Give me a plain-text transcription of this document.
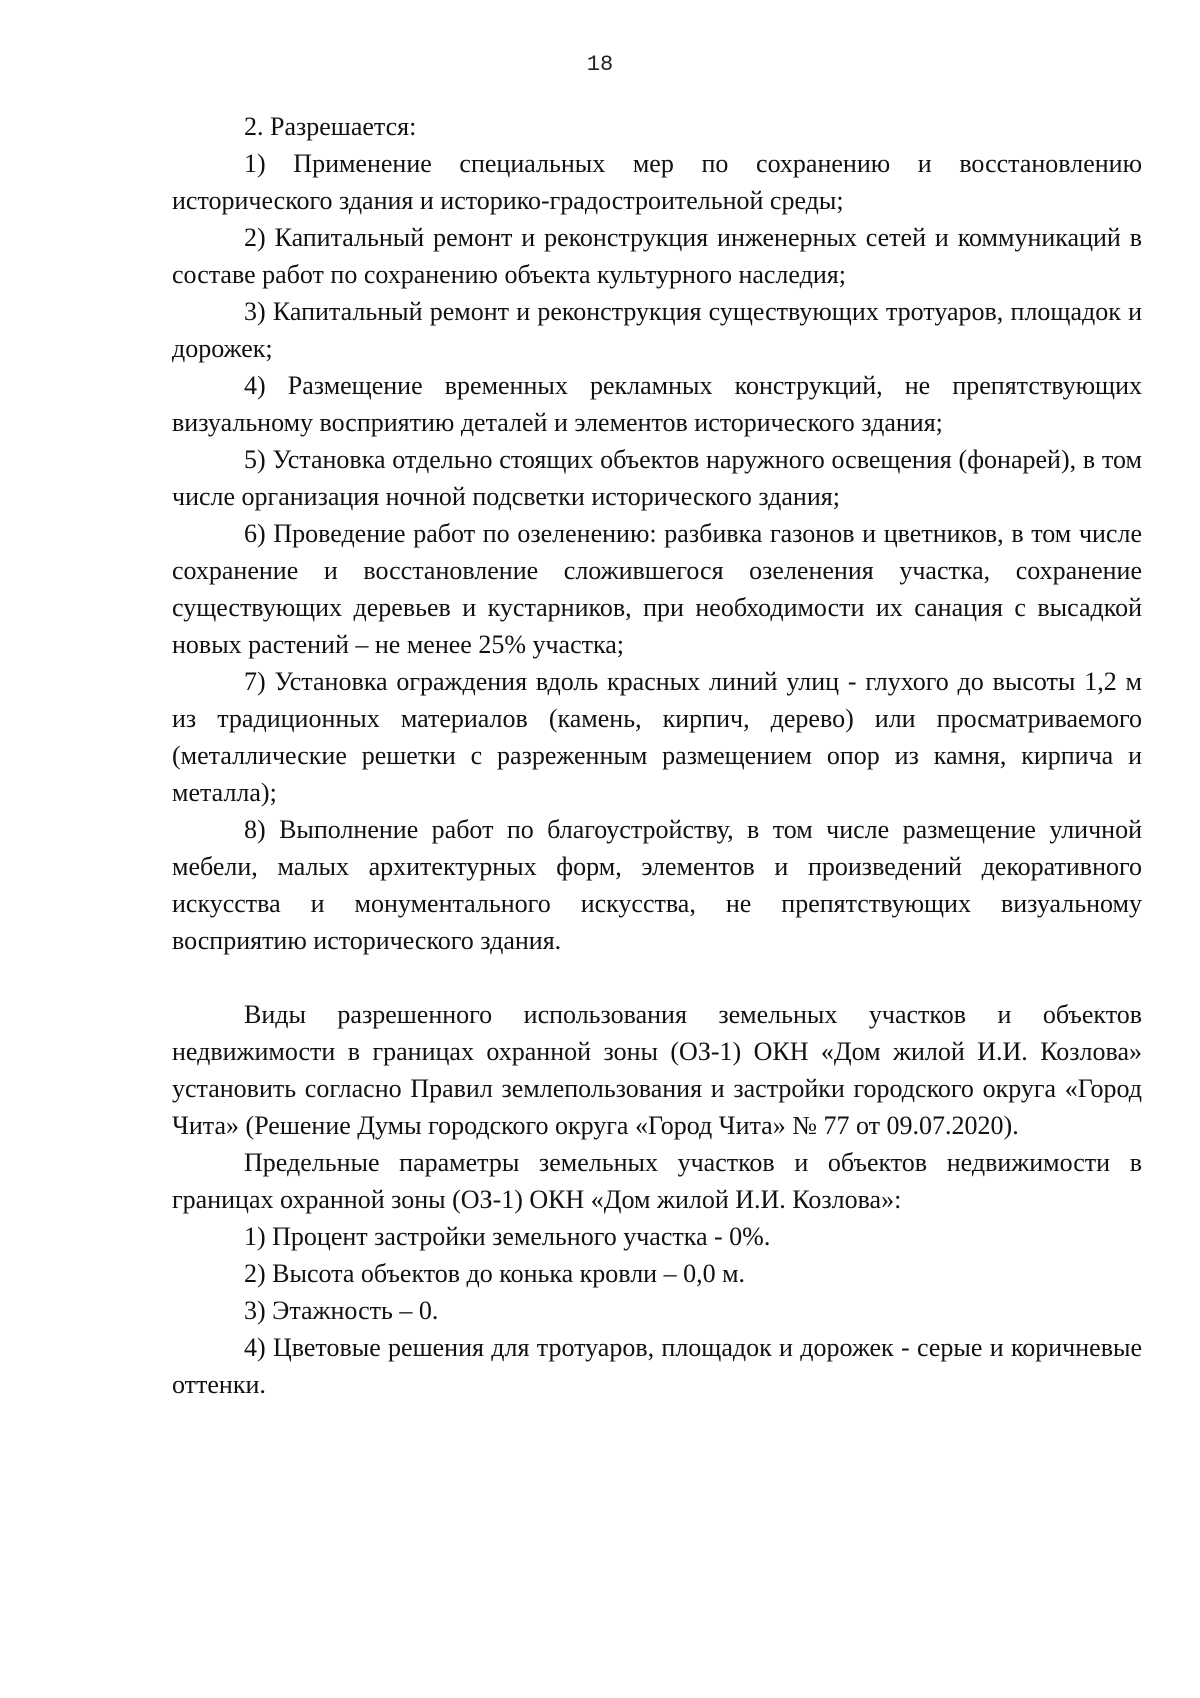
18

2. Разрешается:

1) Применение специальных мер по сохранению и восстановлению исторического здания и историко-градостроительной среды;

2) Капитальный ремонт и реконструкция инженерных сетей и коммуникаций в составе работ по сохранению объекта культурного наследия;

3) Капитальный ремонт и реконструкция существующих тротуаров, площадок и дорожек;

4) Размещение временных рекламных конструкций, не препятствующих визуальному восприятию деталей и элементов исторического здания;

5) Установка отдельно стоящих объектов наружного освещения (фонарей), в том числе организация ночной подсветки исторического здания;

6) Проведение работ по озеленению: разбивка газонов и цветников, в том числе сохранение и восстановление сложившегося озеленения участка, сохранение существующих деревьев и кустарников, при необходимости их санация с высадкой новых растений – не менее 25% участка;

7) Установка ограждения вдоль красных линий улиц - глухого до высоты 1,2 м из традиционных материалов (камень, кирпич, дерево) или просматриваемого (металлические решетки с разреженным размещением опор из камня, кирпича и металла);

8) Выполнение работ по благоустройству, в том числе размещение уличной мебели, малых архитектурных форм, элементов и произведений декоративного искусства и монументального искусства, не препятствующих визуальному восприятию исторического здания.

Виды разрешенного использования земельных участков и объектов недвижимости в границах охранной зоны (ОЗ-1) ОКН «Дом жилой И.И. Козлова» установить согласно Правил землепользования и застройки городского округа «Город Чита» (Решение Думы городского округа «Город Чита» № 77 от 09.07.2020).

Предельные параметры земельных участков и объектов недвижимости в границах охранной зоны (ОЗ-1) ОКН «Дом жилой И.И. Козлова»:

1) Процент застройки земельного участка - 0%.

2) Высота объектов до конька кровли – 0,0 м.

3) Этажность – 0.

4) Цветовые решения для тротуаров, площадок и дорожек - серые и коричневые оттенки.
